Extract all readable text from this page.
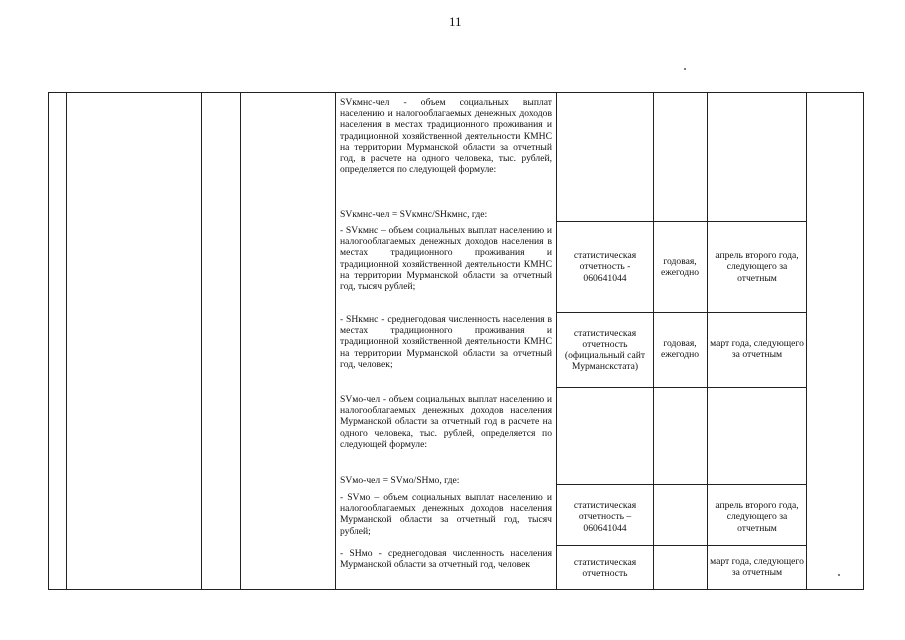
11
SVкмнс-чел - объем социальных выплат населению и налогооблагаемых денежных доходов населения в местах традиционного проживания и традиционной хозяйственной деятельности КМНС на территории Мурманской области за отчетный год, в расчете на одного человека, тыс. рублей, определяется по следующей формуле:
SVкмнс-чел = SVкмнс/SHкмнс, где:
- SVкмнс – объем социальных выплат населению и налогооблагаемых денежных доходов населения в местах традиционного проживания и традиционной хозяйственной деятельности КМНС на территории Мурманской области за отчетный год, тысяч рублей;
- SHкмнс - среднегодовая численность населения в местах традиционного проживания и традиционной хозяйственной деятельности КМНС на территории Мурманской области за отчетный год, человек;
SVмо-чел - объем социальных выплат населению и налогооблагаемых денежных доходов населения Мурманской области за отчетный год в расчете на одного человека, тыс. рублей, определяется по следующей формуле:
SVмо-чел = SVмо/SHмо, где:
- SVмо – объем социальных выплат населению и налогооблагаемых денежных доходов населения Мурманской области за отчетный год, тысяч рублей;
- SHмо - среднегодовая численность населения Мурманской области за отчетный год, человек
статистическая отчетность - 060641044
годовая, ежегодно
апрель второго года, следующего за отчетным
статистическая отчетность (официальный сайт Мурманскстата)
годовая, ежегодно
март года, следующего за отчетным
статистическая отчетность – 060641044
апрель второго года, следующего за отчетным
статистическая отчетность
март года, следующего за отчетным
